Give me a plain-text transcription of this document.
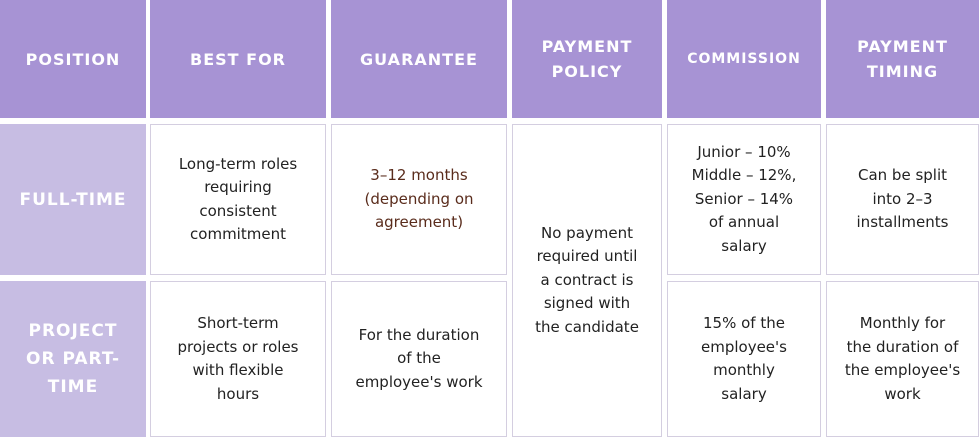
POSITION	BEST FOR	GUARANTEE
PAYMENT
POLICY
COMMISSION
PAYMENT
TIMING
FULL-TIME
PROJECT
OR PART-
TIME
Long-term roles
requiring
consistent
commitment
3–12 months
(depending on
agreement)
No payment
required until
a contract is
signed with
the candidate
Junior – 10%
Middle – 12%,
Senior – 14%
of annual
salary
Can be split
into 2–3
installments
Short-term
projects or roles
with flexible
hours
For the duration
of the
employee's work
15% of the
employee's
monthly
salary
Monthly for
the duration of
the employee's
work
